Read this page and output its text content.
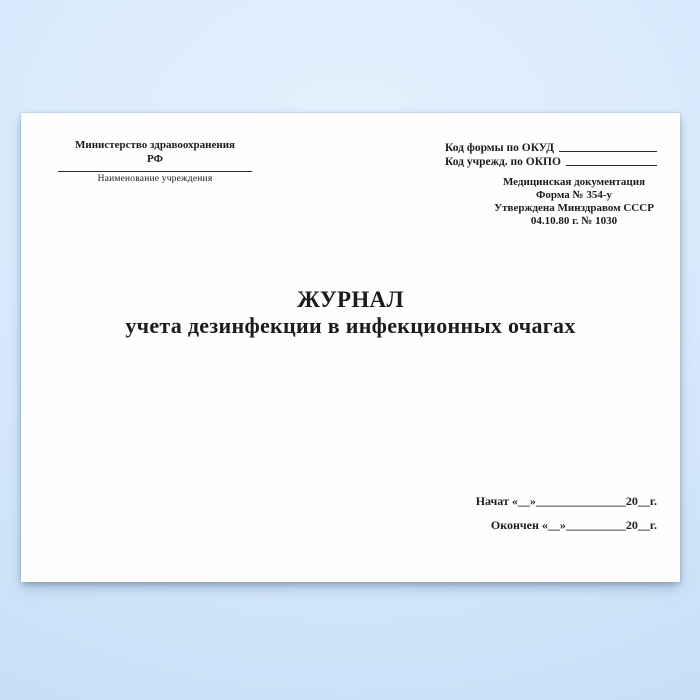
Министерство здравоохранения
РФ
Наименование учреждения
Код формы по ОКУД
Код учрежд. по ОКПО
Медицинская документация
Форма № 354-у
Утверждена Минздравом СССР
04.10.80 г. № 1030
ЖУРНАЛ
учета дезинфекции в инфекционных очагах
Начат «__»_______________20__г.
Окончен «__»__________20__г.
